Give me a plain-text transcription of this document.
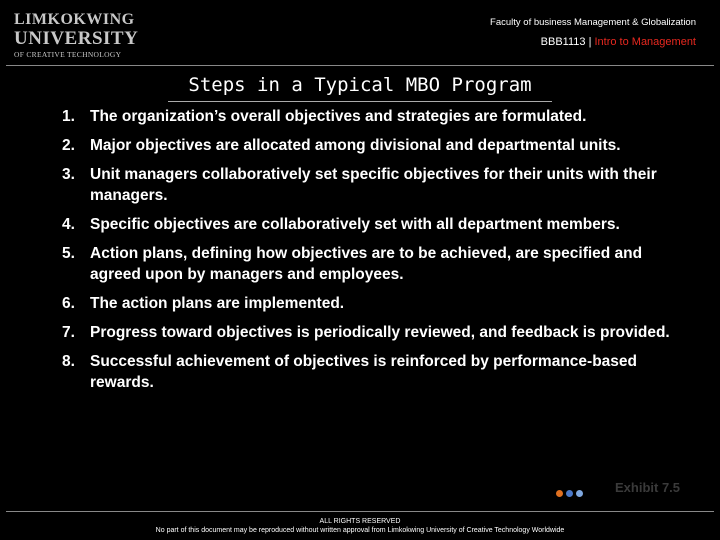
LIMKOKWING
UNIVERSITY
OF CREATIVE TECHNOLOGY
Faculty of business Management & Globalization
BBB1113 | Intro to Management
Steps in a Typical MBO Program
1. The organization’s overall objectives and strategies are formulated.
2. Major objectives are allocated among divisional and departmental units.
3. Unit managers collaboratively set specific objectives for their units with their managers.
4. Specific objectives are collaboratively set with all department members.
5. Action plans, defining how objectives are to be achieved, are specified and agreed upon by managers and employees.
6. The action plans are implemented.
7. Progress toward objectives is periodically reviewed, and feedback is provided.
8. Successful achievement of objectives is reinforced by performance-based rewards.
Exhibit 7.5
ALL RIGHTS RESERVED
No part of this document may be reproduced without written approval from Limkokwing University of Creative Technology Worldwide
